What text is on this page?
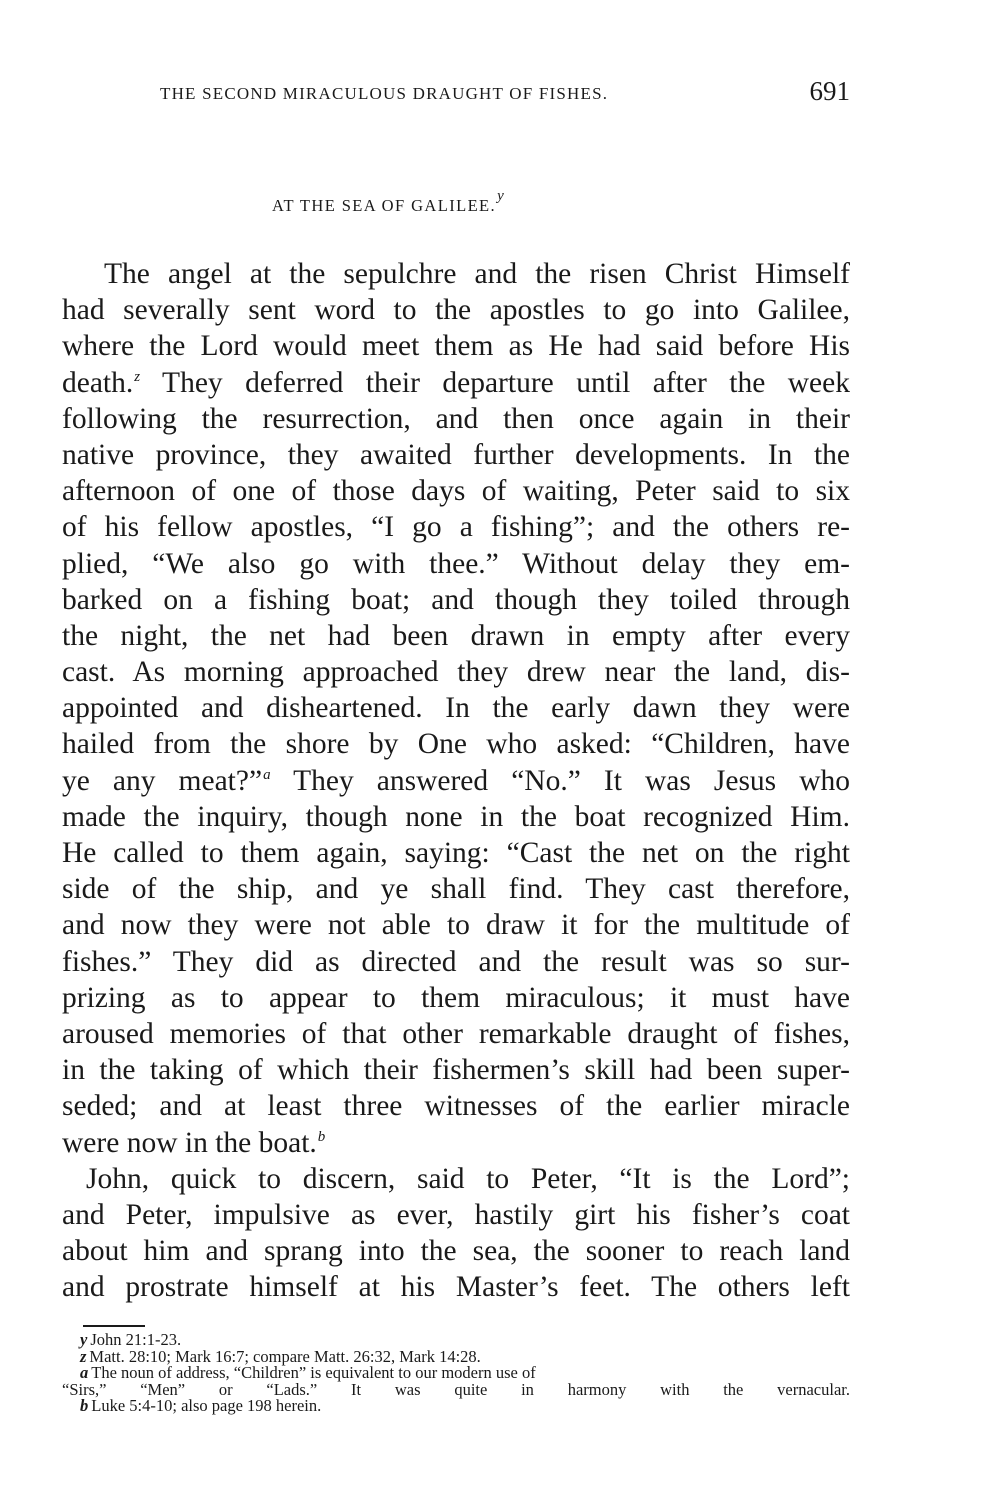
THE SECOND MIRACULOUS DRAUGHT OF FISHES.	691
AT THE SEA OF GALILEE.$^y$
The angel at the sepulchre and the risen Christ Himself
had severally sent word to the apostles to go into Galilee,
where the Lord would meet them as He had said before His
death.$^z$ They deferred their departure until after the week
following the resurrection, and then once again in their
native province, they awaited further developments. In the
afternoon of one of those days of waiting, Peter said to six
of his fellow apostles, “I go a fishing”; and the others re-
plied, “We also go with thee.” Without delay they em-
barked on a fishing boat; and though they toiled through
the night, the net had been drawn in empty after every
cast. As morning approached they drew near the land, dis-
appointed and disheartened. In the early dawn they were
hailed from the shore by One who asked: “Children, have
ye any meat?”$^a$ They answered “No.” It was Jesus who
made the inquiry, though none in the boat recognized Him.
He called to them again, saying: “Cast the net on the right
side of the ship, and ye shall find. They cast therefore,
and now they were not able to draw it for the multitude of
fishes.” They did as directed and the result was so sur-
prizing as to appear to them miraculous; it must have
aroused memories of that other remarkable draught of fishes,
in the taking of which their fishermen’s skill had been super-
seded; and at least three witnesses of the earlier miracle
were now in the boat.$^b$
John, quick to discern, said to Peter, “It is the Lord”;
and Peter, impulsive as ever, hastily girt his fisher’s coat
about him and sprang into the sea, the sooner to reach land
and prostrate himself at his Master’s feet. The others left
y John 21:1-23.
z Matt. 28:10; Mark 16:7; compare Matt. 26:32, Mark 14:28.
a The noun of address, “Children” is equivalent to our modern use of
“Sirs,” “Men” or “Lads.” It was quite in harmony with the vernacular.
b Luke 5:4-10; also page 198 herein.
